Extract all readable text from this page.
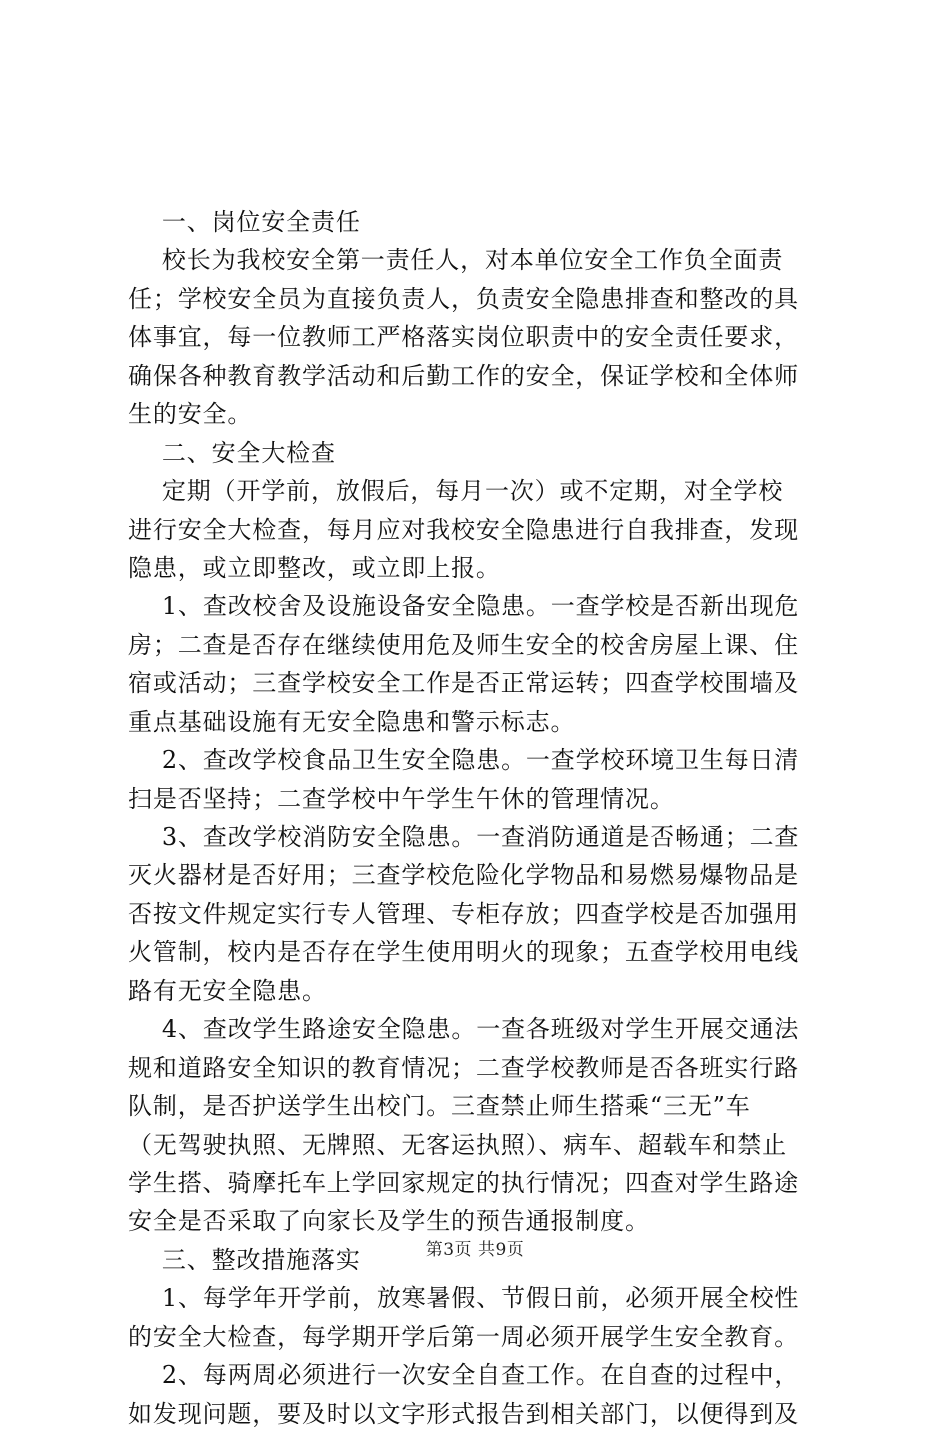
一、岗位安全责任
校长为我校安全第一责任人，对本单位安全工作负全面责
任；学校安全员为直接负责人，负责安全隐患排查和整改的具
体事宜，每一位教师工严格落实岗位职责中的安全责任要求，
确保各种教育教学活动和后勤工作的安全，保证学校和全体师
生的安全。
二、安全大检查
定期（开学前，放假后，每月一次）或不定期，对全学校
进行安全大检查，每月应对我校安全隐患进行自我排查，发现
隐患，或立即整改，或立即上报。
1、查改校舍及设施设备安全隐患。一查学校是否新出现危
房；二查是否存在继续使用危及师生安全的校舍房屋上课、住
宿或活动；三查学校安全工作是否正常运转；四查学校围墙及
重点基础设施有无安全隐患和警示标志。
2、查改学校食品卫生安全隐患。一查学校环境卫生每日清
扫是否坚持；二查学校中午学生午休的管理情况。
3、查改学校消防安全隐患。一查消防通道是否畅通；二查
灭火器材是否好用；三查学校危险化学物品和易燃易爆物品是
否按文件规定实行专人管理、专柜存放；四查学校是否加强用
火管制，校内是否存在学生使用明火的现象；五查学校用电线
路有无安全隐患。
4、查改学生路途安全隐患。一查各班级对学生开展交通法
规和道路安全知识的教育情况；二查学校教师是否各班实行路
队制，是否护送学生出校门。三查禁止师生搭乘“三无”车
（无驾驶执照、无牌照、无客运执照）、病车、超载车和禁止
学生搭、骑摩托车上学回家规定的执行情况；四查对学生路途
安全是否采取了向家长及学生的预告通报制度。
三、整改措施落实
1、每学年开学前，放寒暑假、节假日前，必须开展全校性
的安全大检查，每学期开学后第一周必须开展学生安全教育。
2、每两周必须进行一次安全自查工作。在自查的过程中，
如发现问题，要及时以文字形式报告到相关部门，以便得到及
第3页 共9页
